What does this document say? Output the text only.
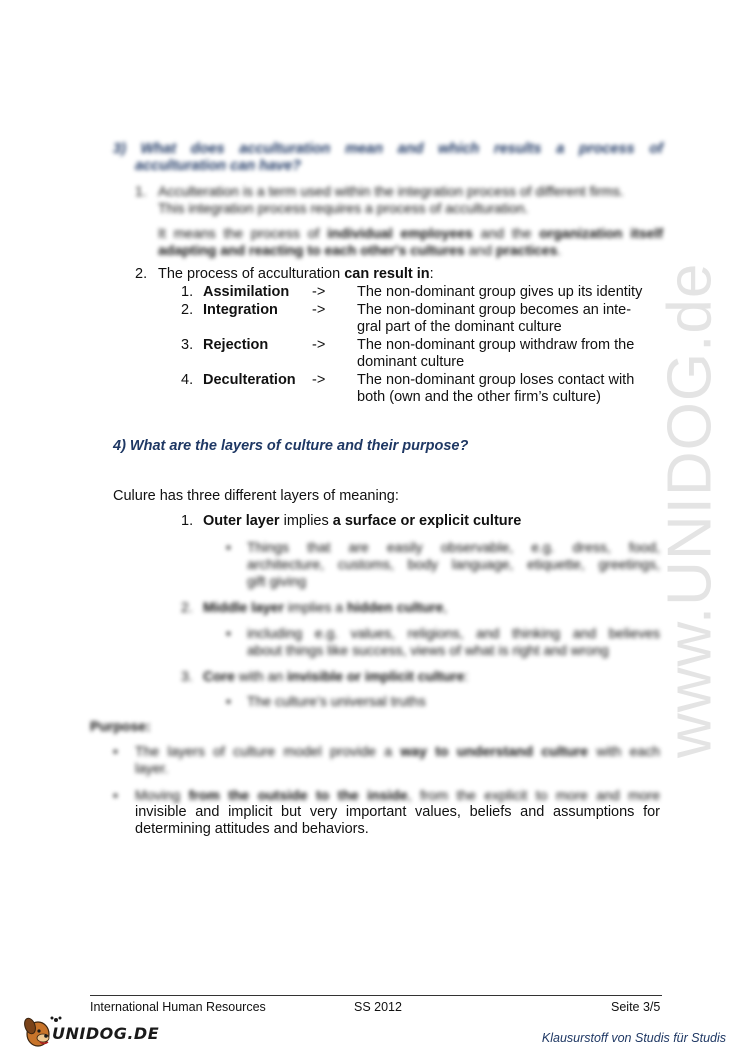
www.UNIDOG.de
3) What does acculturation mean and which results a process of
acculturation can have?
1. Acculteration is a term used within the integration process of different firms.
This integration process requires a process of acculturation.
It means the process of individual employees and the organization itself
adapting and reacting to each other's cultures and practices.
2. The process of acculturation can result in:
1. Assimilation -> The non-dominant group gives up its identity
2. Integration -> The non-dominant group becomes an inte-
gral part of the dominant culture
3. Rejection	-> The non-dominant group withdraw from the
dominant culture
4. Deculteration -> The non-dominant group loses contact with
both (own and the other firm’s culture)
4) What are the layers of culture and their purpose?
Culure has three different layers of meaning:
1. Outer layer implies a surface or explicit culture
• Things that are easily observable, e.g. dress, food,
architecture, customs, body language, etiquette, greetings,
gift giving
2. Middle layer implies a hidden culture,
• including e.g. values, religions, and thinking and believes
about things like success, views of what is right and wrong
3. Core with an invisible or implicit culture:
• The culture’s universal truths
Purpose:
• The layers of culture model provide a way to understand culture with each
layer.
• Moving from the outside to the inside, from the explicit to more and more
invisible and implicit but very important values, beliefs and assumptions for
determining attitudes and behaviors.
International Human Resources	SS 2012	Seite 3/5
UNIDOG.DE	Klausurstoff von Studis für Studis
